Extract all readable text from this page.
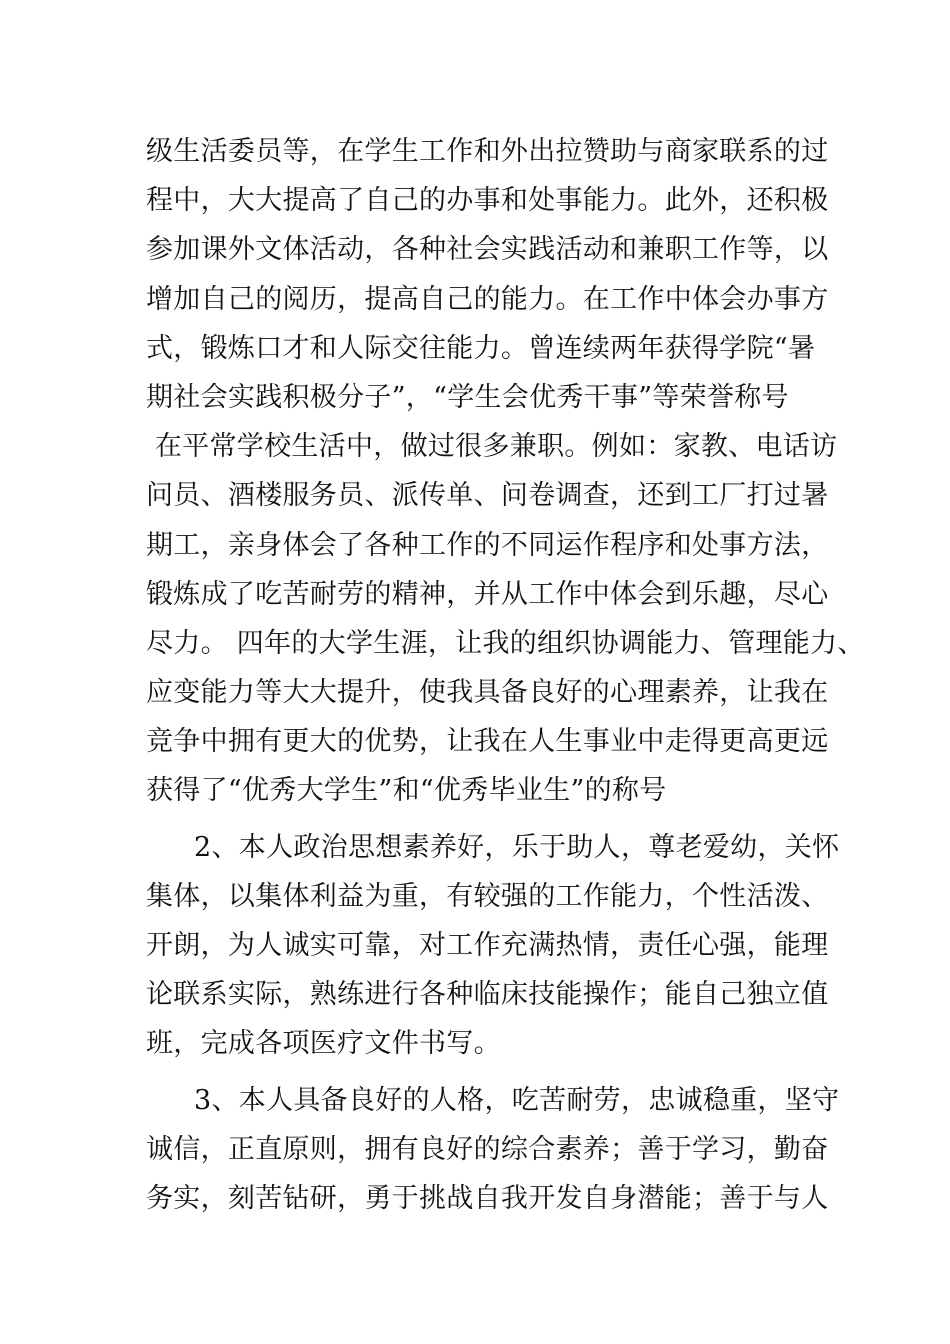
级生活委员等，在学生工作和外出拉赞助与商家联系的过
程中，大大提高了自己的办事和处事能力。此外，还积极
参加课外文体活动，各种社会实践活动和兼职工作等，以
增加自己的阅历，提高自己的能力。在工作中体会办事方
式，锻炼口才和人际交往能力。曾连续两年获得学院“暑
期社会实践积极分子”，“学生会优秀干事”等荣誉称号
在平常学校生活中，做过很多兼职。例如：家教、电话访
问员、酒楼服务员、派传单、问卷调查，还到工厂打过暑
期工，亲身体会了各种工作的不同运作程序和处事方法，
锻炼成了吃苦耐劳的精神，并从工作中体会到乐趣，尽心
尽力。 四年的大学生涯，让我的组织协调能力、管理能力、
应变能力等大大提升，使我具备良好的心理素养，让我在
竞争中拥有更大的优势，让我在人生事业中走得更高更远
获得了“优秀大学生”和“优秀毕业生”的称号
2、本人政治思想素养好，乐于助人，尊老爱幼，关怀
集体，以集体利益为重，有较强的工作能力，个性活泼、
开朗，为人诚实可靠，对工作充满热情，责任心强，能理
论联系实际，熟练进行各种临床技能操作；能自己独立值
班，完成各项医疗文件书写。
3、本人具备良好的人格，吃苦耐劳，忠诚稳重，坚守
诚信，正直原则，拥有良好的综合素养；善于学习，勤奋
务实，刻苦钻研，勇于挑战自我开发自身潜能；善于与人
